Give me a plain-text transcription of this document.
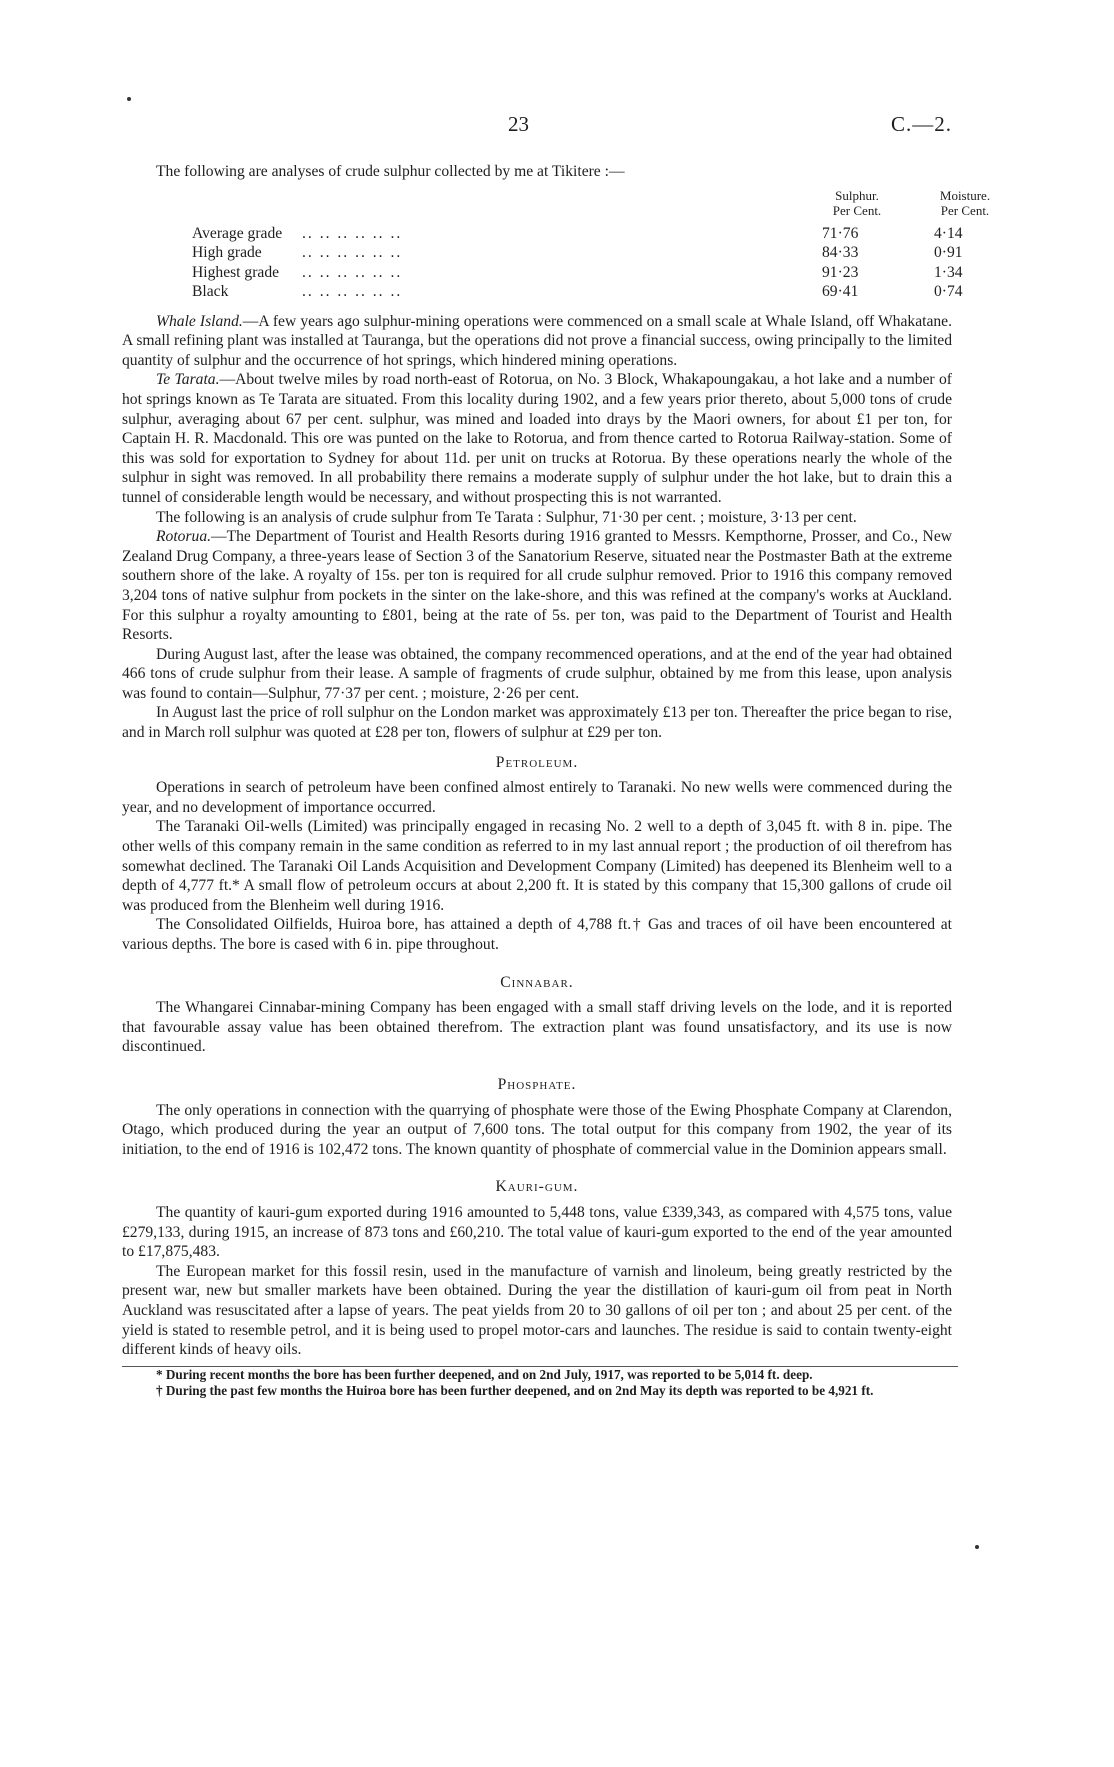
23	C.—2.

The following are analyses of crude sulphur collected by me at Tikitere :—

Sulphur.
Per Cent.
Moisture.
Per Cent.
Average grade .. .. .. .. .. ..	71·76	4·14
High grade	.. .. .. .. .. ..	84·33	0·91
Highest grade .. .. .. .. .. ..	91·23	1·34
Black	.. .. .. .. .. ..	69·41	0·74

Whale Island.—A few years ago sulphur-mining operations were commenced on a small scale at Whale Island, off Whakatane. A small refining plant was installed at Tauranga, but the operations did not prove a financial success, owing principally to the limited quantity of sulphur and the occurrence of hot springs, which hindered mining operations.

Te Tarata.—About twelve miles by road north-east of Rotorua, on No. 3 Block, Whakapoungakau, a hot lake and a number of hot springs known as Te Tarata are situated. From this locality during 1902, and a few years prior thereto, about 5,000 tons of crude sulphur, averaging about 67 per cent. sulphur, was mined and loaded into drays by the Maori owners, for about £1 per ton, for Captain H. R. Macdonald. This ore was punted on the lake to Rotorua, and from thence carted to Rotorua Railway-station. Some of this was sold for exportation to Sydney for about 11d. per unit on trucks at Rotorua. By these operations nearly the whole of the sulphur in sight was removed. In all probability there remains a moderate supply of sulphur under the hot lake, but to drain this a tunnel of considerable length would be necessary, and without prospecting this is not warranted.

The following is an analysis of crude sulphur from Te Tarata : Sulphur, 71·30 per cent. ; moisture, 3·13 per cent.

Rotorua.—The Department of Tourist and Health Resorts during 1916 granted to Messrs. Kempthorne, Prosser, and Co., New Zealand Drug Company, a three-years lease of Section 3 of the Sanatorium Reserve, situated near the Postmaster Bath at the extreme southern shore of the lake. A royalty of 15s. per ton is required for all crude sulphur removed. Prior to 1916 this company removed 3,204 tons of native sulphur from pockets in the sinter on the lake-shore, and this was refined at the company's works at Auckland. For this sulphur a royalty amounting to £801, being at the rate of 5s. per ton, was paid to the Department of Tourist and Health Resorts.

During August last, after the lease was obtained, the company recommenced operations, and at the end of the year had obtained 466 tons of crude sulphur from their lease. A sample of fragments of crude sulphur, obtained by me from this lease, upon analysis was found to contain—Sulphur, 77·37 per cent. ; moisture, 2·26 per cent.

In August last the price of roll sulphur on the London market was approximately £13 per ton. Thereafter the price began to rise, and in March roll sulphur was quoted at £28 per ton, flowers of sulphur at £29 per ton.

Petroleum.

Operations in search of petroleum have been confined almost entirely to Taranaki. No new wells were commenced during the year, and no development of importance occurred.

The Taranaki Oil-wells (Limited) was principally engaged in recasing No. 2 well to a depth of 3,045 ft. with 8 in. pipe. The other wells of this company remain in the same condition as referred to in my last annual report ; the production of oil therefrom has somewhat declined. The Taranaki Oil Lands Acquisition and Development Company (Limited) has deepened its Blenheim well to a depth of 4,777 ft.* A small flow of petroleum occurs at about 2,200 ft. It is stated by this company that 15,300 gallons of crude oil was produced from the Blenheim well during 1916.

The Consolidated Oilfields, Huiroa bore, has attained a depth of 4,788 ft.† Gas and traces of oil have been encountered at various depths. The bore is cased with 6 in. pipe throughout.

Cinnabar.

The Whangarei Cinnabar-mining Company has been engaged with a small staff driving levels on the lode, and it is reported that favourable assay value has been obtained therefrom. The extraction plant was found unsatisfactory, and its use is now discontinued.

Phosphate.

The only operations in connection with the quarrying of phosphate were those of the Ewing Phosphate Company at Clarendon, Otago, which produced during the year an output of 7,600 tons. The total output for this company from 1902, the year of its initiation, to the end of 1916 is 102,472 tons. The known quantity of phosphate of commercial value in the Dominion appears small.

Kauri-gum.

The quantity of kauri-gum exported during 1916 amounted to 5,448 tons, value £339,343, as compared with 4,575 tons, value £279,133, during 1915, an increase of 873 tons and £60,210. The total value of kauri-gum exported to the end of the year amounted to £17,875,483.

The European market for this fossil resin, used in the manufacture of varnish and linoleum, being greatly restricted by the present war, new but smaller markets have been obtained. During the year the distillation of kauri-gum oil from peat in North Auckland was resuscitated after a lapse of years. The peat yields from 20 to 30 gallons of oil per ton ; and about 25 per cent. of the yield is stated to resemble petrol, and it is being used to propel motor-cars and launches. The residue is said to contain twenty-eight different kinds of heavy oils.

* During recent months the bore has been further deepened, and on 2nd July, 1917, was reported to be 5,014 ft. deep.

† During the past few months the Huiroa bore has been further deepened, and on 2nd May its depth was reported to be 4,921 ft.
